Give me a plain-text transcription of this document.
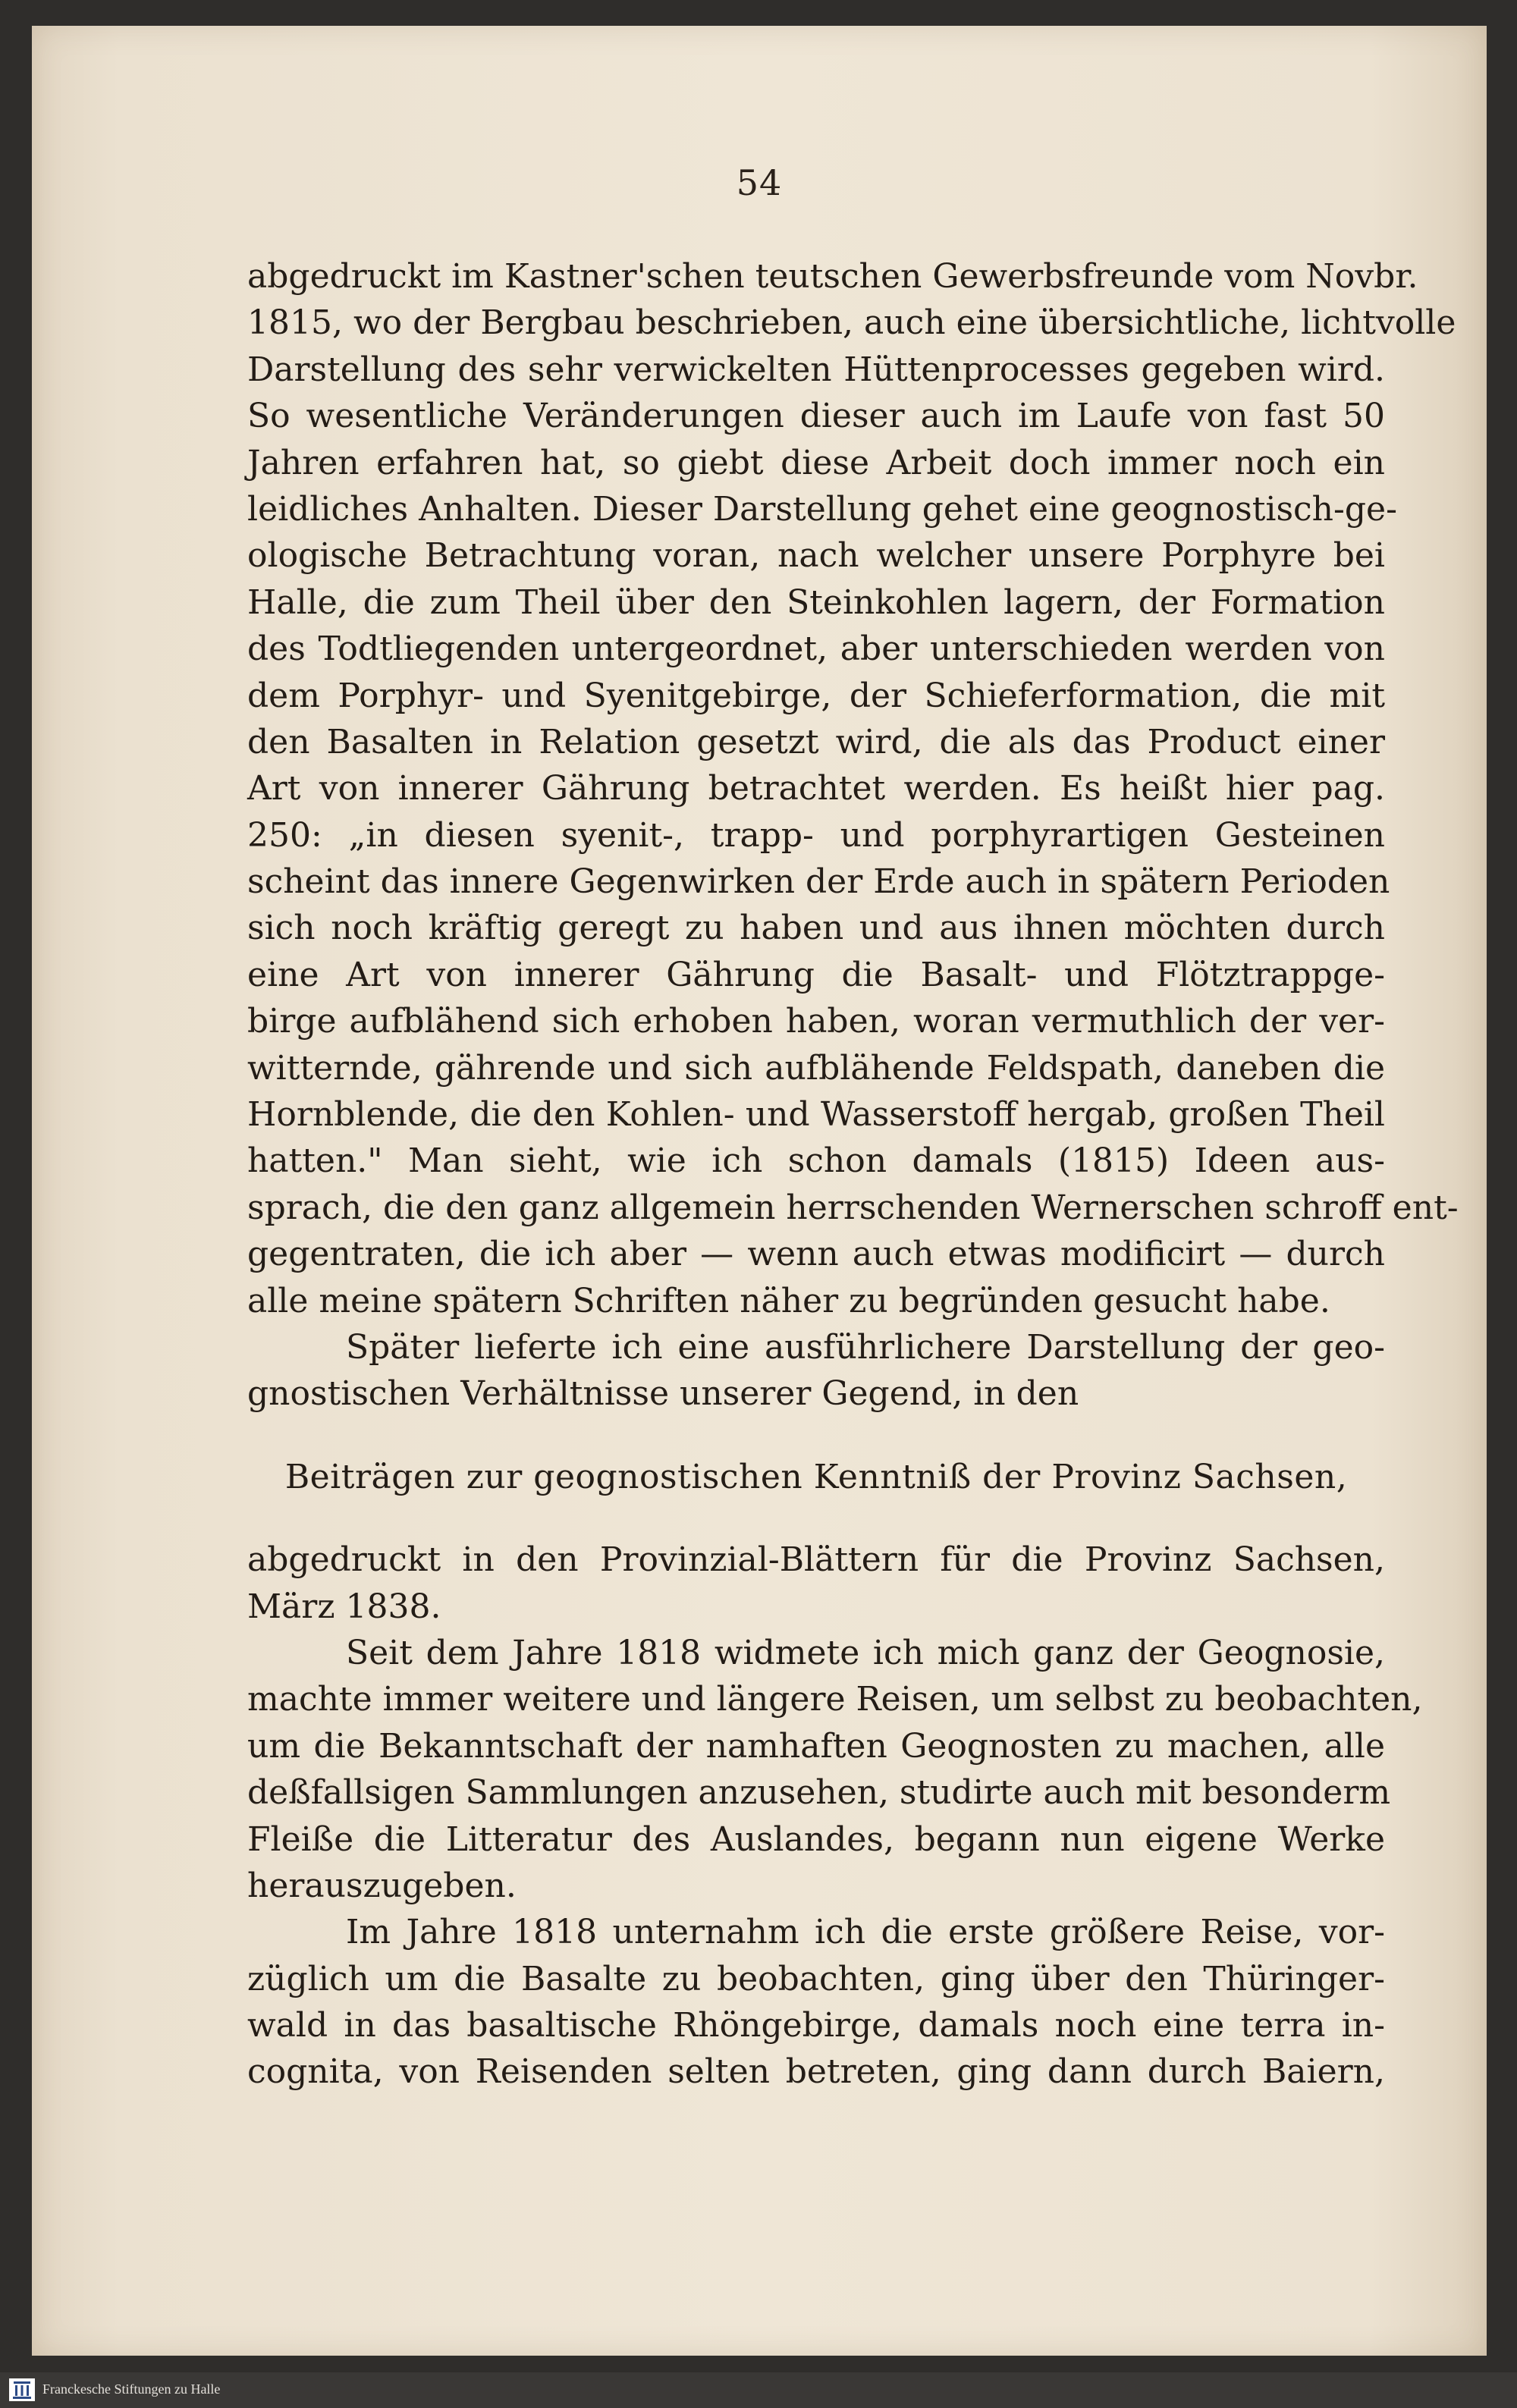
54
abgedruckt im Kastner'schen teutschen Gewerbsfreunde vom Novbr.
1815, wo der Bergbau beschrieben, auch eine übersichtliche, lichtvolle
Darstellung des sehr verwickelten Hüttenprocesses gegeben wird.
So wesentliche Veränderungen dieser auch im Laufe von fast 50
Jahren erfahren hat, so giebt diese Arbeit doch immer noch ein
leidliches Anhalten. Dieser Darstellung gehet eine geognostisch-ge-
ologische Betrachtung voran, nach welcher unsere Porphyre bei
Halle, die zum Theil über den Steinkohlen lagern, der Formation
des Todtliegenden untergeordnet, aber unterschieden werden von
dem Porphyr- und Syenitgebirge, der Schieferformation, die mit
den Basalten in Relation gesetzt wird, die als das Product einer
Art von innerer Gährung betrachtet werden. Es heißt hier pag.
250: „in diesen syenit-, trapp- und porphyrartigen Gesteinen
scheint das innere Gegenwirken der Erde auch in spätern Perioden
sich noch kräftig geregt zu haben und aus ihnen möchten durch
eine Art von innerer Gährung die Basalt- und Flötztrappge-
birge aufblähend sich erhoben haben, woran vermuthlich der ver-
witternde, gährende und sich aufblähende Feldspath, daneben die
Hornblende, die den Kohlen- und Wasserstoff hergab, großen Theil
hatten." Man sieht, wie ich schon damals (1815) Ideen aus-
sprach, die den ganz allgemein herrschenden Wernerschen schroff ent-
gegentraten, die ich aber — wenn auch etwas modificirt — durch
alle meine spätern Schriften näher zu begründen gesucht habe.
Später lieferte ich eine ausführlichere Darstellung der geo-
gnostischen Verhältnisse unserer Gegend, in den
Beiträgen zur geognostischen Kenntniß der Provinz Sachsen,
abgedruckt in den Provinzial-Blättern für die Provinz Sachsen,
März 1838.
Seit dem Jahre 1818 widmete ich mich ganz der Geognosie,
machte immer weitere und längere Reisen, um selbst zu beobachten,
um die Bekanntschaft der namhaften Geognosten zu machen, alle
deßfallsigen Sammlungen anzusehen, studirte auch mit besonderm
Fleiße die Litteratur des Auslandes, begann nun eigene Werke
herauszugeben.
Im Jahre 1818 unternahm ich die erste größere Reise, vor-
züglich um die Basalte zu beobachten, ging über den Thüringer-
wald in das basaltische Rhöngebirge, damals noch eine terra in-
cognita, von Reisenden selten betreten, ging dann durch Baiern,
Franckesche Stiftungen zu Halle
